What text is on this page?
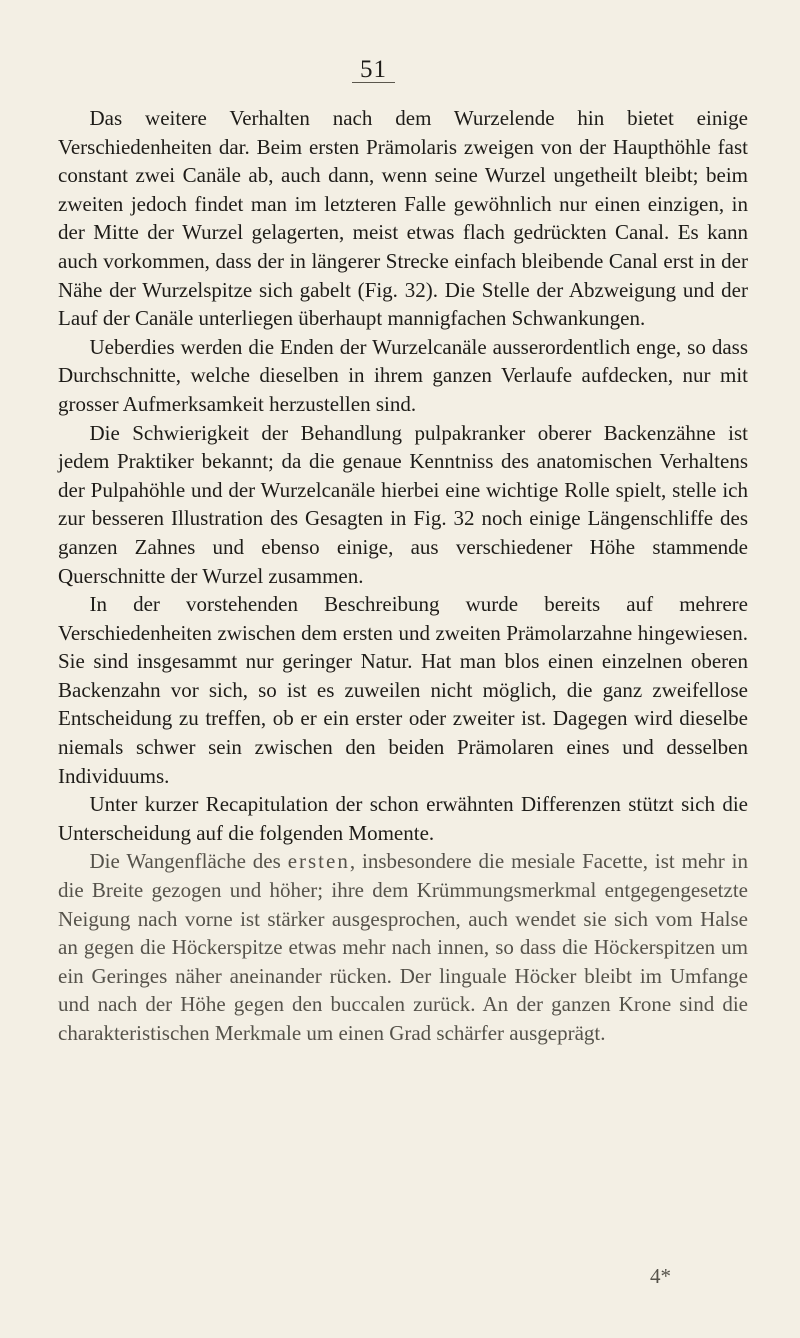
51

Das weitere Verhalten nach dem Wurzelende hin bietet einige Verschiedenheiten dar. Beim ersten Prämolaris zweigen von der Haupthöhle fast constant zwei Canäle ab, auch dann, wenn seine Wurzel ungetheilt bleibt; beim zweiten jedoch findet man im letzteren Falle gewöhnlich nur einen einzigen, in der Mitte der Wurzel gelagerten, meist etwas flach gedrückten Canal. Es kann auch vorkommen, dass der in längerer Strecke einfach bleibende Canal erst in der Nähe der Wurzelspitze sich gabelt (Fig. 32). Die Stelle der Abzweigung und der Lauf der Canäle unterliegen überhaupt mannigfachen Schwankungen.

Ueberdies werden die Enden der Wurzelcanäle ausserordentlich enge, so dass Durchschnitte, welche dieselben in ihrem ganzen Verlaufe aufdecken, nur mit grosser Aufmerksamkeit herzustellen sind.

Die Schwierigkeit der Behandlung pulpakranker oberer Backenzähne ist jedem Praktiker bekannt; da die genaue Kenntniss des anatomischen Verhaltens der Pulpahöhle und der Wurzelcanäle hierbei eine wichtige Rolle spielt, stelle ich zur besseren Illustration des Gesagten in Fig. 32 noch einige Längenschliffe des ganzen Zahnes und ebenso einige, aus verschiedener Höhe stammende Querschnitte der Wurzel zusammen.

In der vorstehenden Beschreibung wurde bereits auf mehrere Verschiedenheiten zwischen dem ersten und zweiten Prämolarzahne hingewiesen. Sie sind insgesammt nur geringer Natur. Hat man blos einen einzelnen oberen Backenzahn vor sich, so ist es zuweilen nicht möglich, die ganz zweifellose Entscheidung zu treffen, ob er ein erster oder zweiter ist. Dagegen wird dieselbe niemals schwer sein zwischen den beiden Prämolaren eines und desselben Individuums.

Unter kurzer Recapitulation der schon erwähnten Differenzen stützt sich die Unterscheidung auf die folgenden Momente.

Die Wangenfläche des ersten, insbesondere die mesiale Facette, ist mehr in die Breite gezogen und höher; ihre dem Krümmungsmerkmal entgegengesetzte Neigung nach vorne ist stärker ausgesprochen, auch wendet sie sich vom Halse an gegen die Höckerspitze etwas mehr nach innen, so dass die Höckerspitzen um ein Geringes näher aneinander rücken. Der linguale Höcker bleibt im Umfange und nach der Höhe gegen den buccalen zurück. An der ganzen Krone sind die charakteristischen Merkmale um einen Grad schärfer ausgeprägt.

4*
